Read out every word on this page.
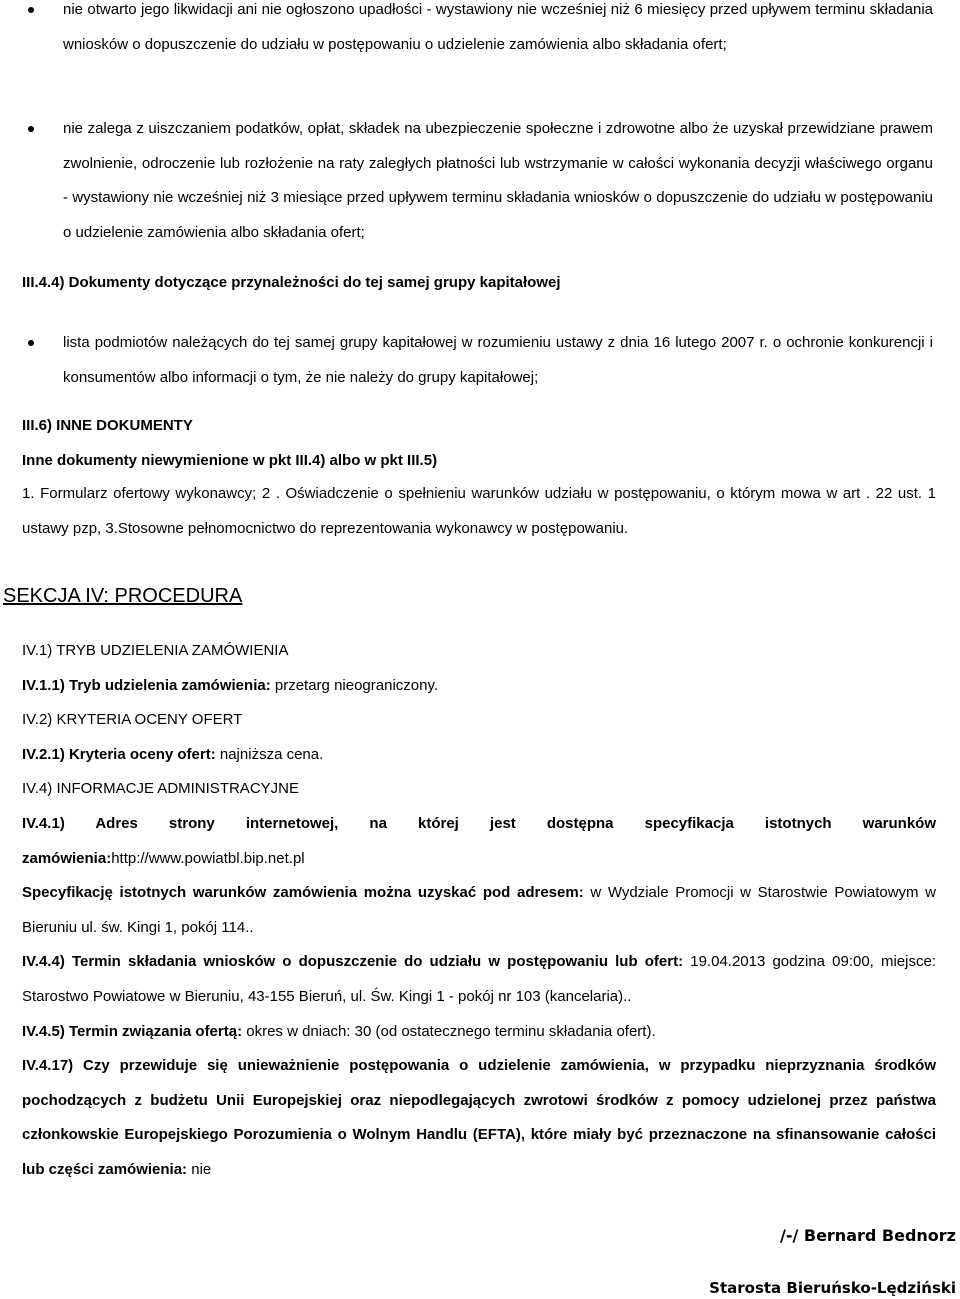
nie otwarto jego likwidacji ani nie ogłoszono upadłości - wystawiony nie wcześniej niż 6 miesięcy przed upływem terminu składania wniosków o dopuszczenie do udziału w postępowaniu o udzielenie zamówienia albo składania ofert;

nie zalega z uiszczaniem podatków, opłat, składek na ubezpieczenie społeczne i zdrowotne albo że uzyskał przewidziane prawem zwolnienie, odroczenie lub rozłożenie na raty zaległych płatności lub wstrzymanie w całości wykonania decyzji właściwego organu - wystawiony nie wcześniej niż 3 miesiące przed upływem terminu składania wniosków o dopuszczenie do udziału w postępowaniu o udzielenie zamówienia albo składania ofert;

III.4.4) Dokumenty dotyczące przynależności do tej samej grupy kapitałowej

lista podmiotów należących do tej samej grupy kapitałowej w rozumieniu ustawy z dnia 16 lutego 2007 r. o ochronie konkurencji i konsumentów albo informacji o tym, że nie należy do grupy kapitałowej;

III.6) INNE DOKUMENTY

Inne dokumenty niewymienione w pkt III.4) albo w pkt III.5)

1. Formularz ofertowy wykonawcy; 2 . Oświadczenie o spełnieniu warunków udziału w postępowaniu, o którym mowa w art . 22 ust. 1 ustawy pzp, 3.Stosowne pełnomocnictwo do reprezentowania wykonawcy w postępowaniu.

SEKCJA IV: PROCEDURA

IV.1) TRYB UDZIELENIA ZAMÓWIENIA

IV.1.1) Tryb udzielenia zamówienia: przetarg nieograniczony.

IV.2) KRYTERIA OCENY OFERT

IV.2.1) Kryteria oceny ofert: najniższa cena.

IV.4) INFORMACJE ADMINISTRACYJNE

IV.4.1) Adres strony internetowej, na której jest dostępna specyfikacja istotnych warunków zamówienia:http://www.powiatbl.bip.net.pl

Specyfikację istotnych warunków zamówienia można uzyskać pod adresem: w Wydziale Promocji w Starostwie Powiatowym w Bieruniu ul. św. Kingi 1, pokój 114..

IV.4.4) Termin składania wniosków o dopuszczenie do udziału w postępowaniu lub ofert: 19.04.2013 godzina 09:00, miejsce: Starostwo Powiatowe w Bieruniu, 43-155 Bieruń, ul. Św. Kingi 1 - pokój nr 103 (kancelaria)..

IV.4.5) Termin związania ofertą: okres w dniach: 30 (od ostatecznego terminu składania ofert).

IV.4.17) Czy przewiduje się unieważnienie postępowania o udzielenie zamówienia, w przypadku nieprzyznania środków pochodzących z budżetu Unii Europejskiej oraz niepodlegających zwrotowi środków z pomocy udzielonej przez państwa członkowskie Europejskiego Porozumienia o Wolnym Handlu (EFTA), które miały być przeznaczone na sfinansowanie całości lub części zamówienia: nie

/-/ Bernard Bednorz
Starosta Bieruńsko-Lędziński
